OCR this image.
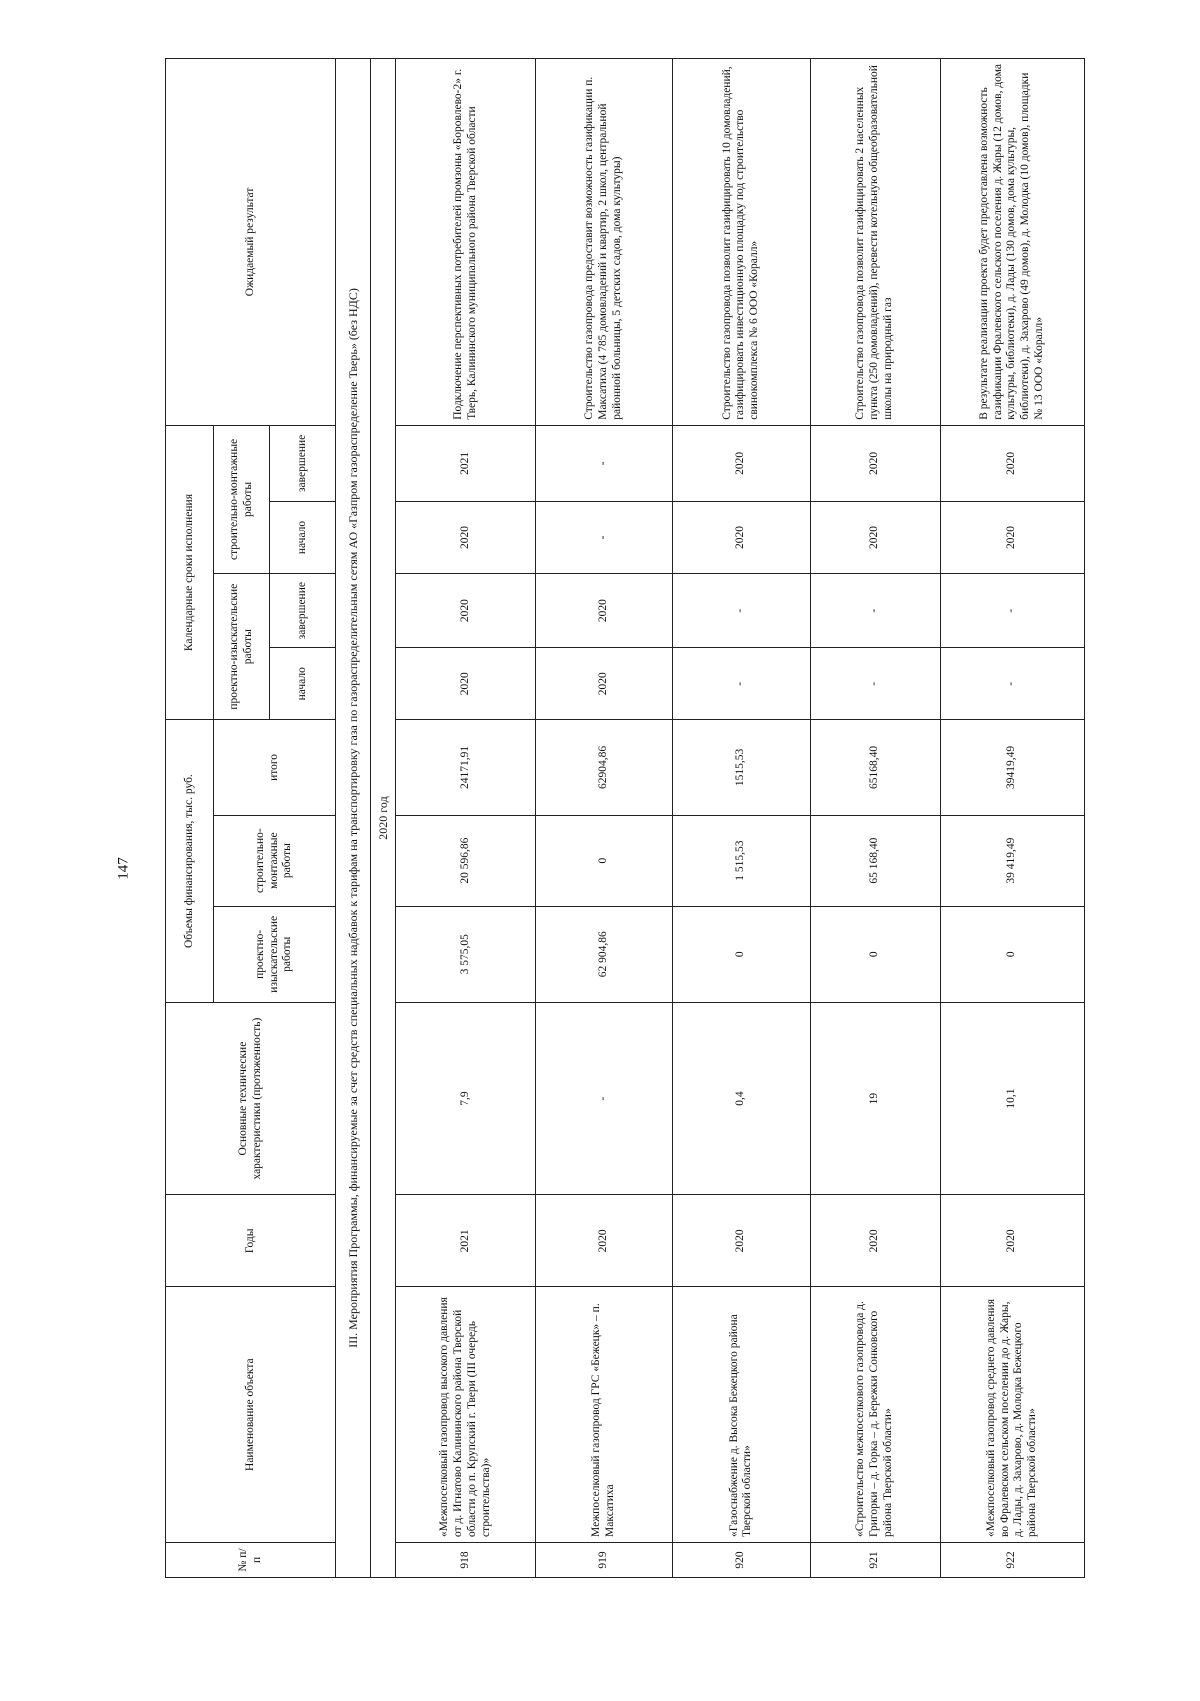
147
№ п/п	Наименование объекта	Годы	Основные технические характеристики (протяженность)	Объемы финансирования, тыс. руб.			Календарные сроки исполнения				Ожидаемый результат
				проектно-изыскательские работы	строительно-монтажные работы	итого	проектно-изыскательские работы		строительно-монтажные работы		
							начало	завершение	начало	завершение	
III. Мероприятия Программы, финансируемые за счет средств специальных надбавок к тарифам на транспортировку газа по газораспределительным сетям АО «Газпром газораспределение Тверь» (без НДС)											
2020 год											
918	«Межпоселковый газопровод высокого давления от д. Игнатово Калининского района Тверской области до п. Крупский г. Твери (III очередь строительства)»	2021	7,9	3 575,05	20 596,86	24171,91	2020	2020	2020	2021	Подключение перспективных потребителей промзоны «Боровлево-2» г. Тверь, Калининского муниципального района Тверской области
919	Межпоселковый газопровод ГРС «Бежецк» – п. Максатиха	2020	-	62 904,86	0	62904,86	2020	2020	-	-	Строительство газопровода предоставит возможность газификации п. Максатиха (4 785 домовладений и квартир, 2 школ, центральной районной больницы, 5 детских садов, дома культуры)
920	«Газоснабжение д. Высока Бежецкого района Тверской области»	2020	0,4	0	1 515,53	1515,53	-	-	2020	2020	Строительство газопровода позволит газифицировать 10 домовладений, газифицировать инвестиционную площадку под строительство свинокомплекса № 6 ООО «Коралл»
921	«Строительство межпоселкового газопровода д. Григорки – д. Горка – д. Бережки Сонковского района Тверской области»	2020	19	0	65 168,40	65168,40	-	-	2020	2020	Строительство газопровода позволит газифицировать 2 населенных пункта (250 домовладений), перевести котельную общеобразовательной школы на природный газ
922	«Межпоселковый газопровод среднего давления во Фралевском сельском поселении до д. Жары, д. Лады, д. Захарово, д. Молодка Бежецкого района Тверской области»	2020	10,1	0	39 419,49	39419,49	-	-	2020	2020	В результате реализации проекта будет предоставлена возможность газификации Фралевского сельского поселения д. Жары (12 домов, дома культуры, библиотеки), д. Лады (130 домов, дома культуры, библиотеки), д. Захарово (49 домов), д. Молодка (10 домов), площадки № 13 ООО «Коралл»
